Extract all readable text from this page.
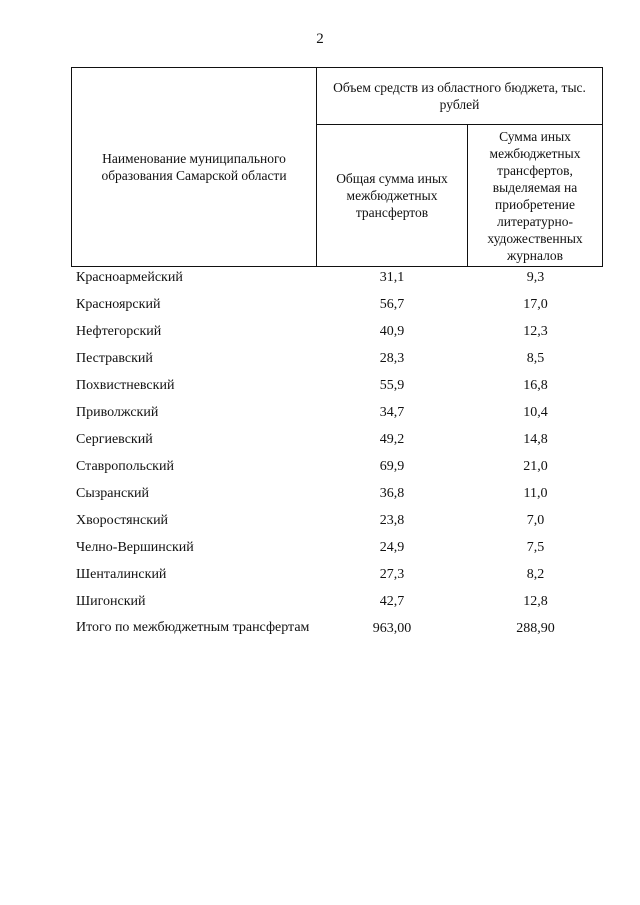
2
Наименование муниципального образования Самарской области
Объем средств из областного бюджета, тыс. рублей
Общая сумма иных межбюджетных трансфертов
Сумма иных межбюджетных трансфертов, выделяемая на приобретение литературно-художественных журналов
Красноармейский	31,1	9,3
Красноярский	56,7	17,0
Нефтегорский	40,9	12,3
Пестравский	28,3	8,5
Похвистневский	55,9	16,8
Приволжский	34,7	10,4
Сергиевский	49,2	14,8
Ставропольский	69,9	21,0
Сызранский	36,8	11,0
Хворостянский	23,8	7,0
Челно-Вершинский	24,9	7,5
Шенталинский	27,3	8,2
Шигонский	42,7	12,8
Итого по межбюджетным трансфертам	963,00	288,90
